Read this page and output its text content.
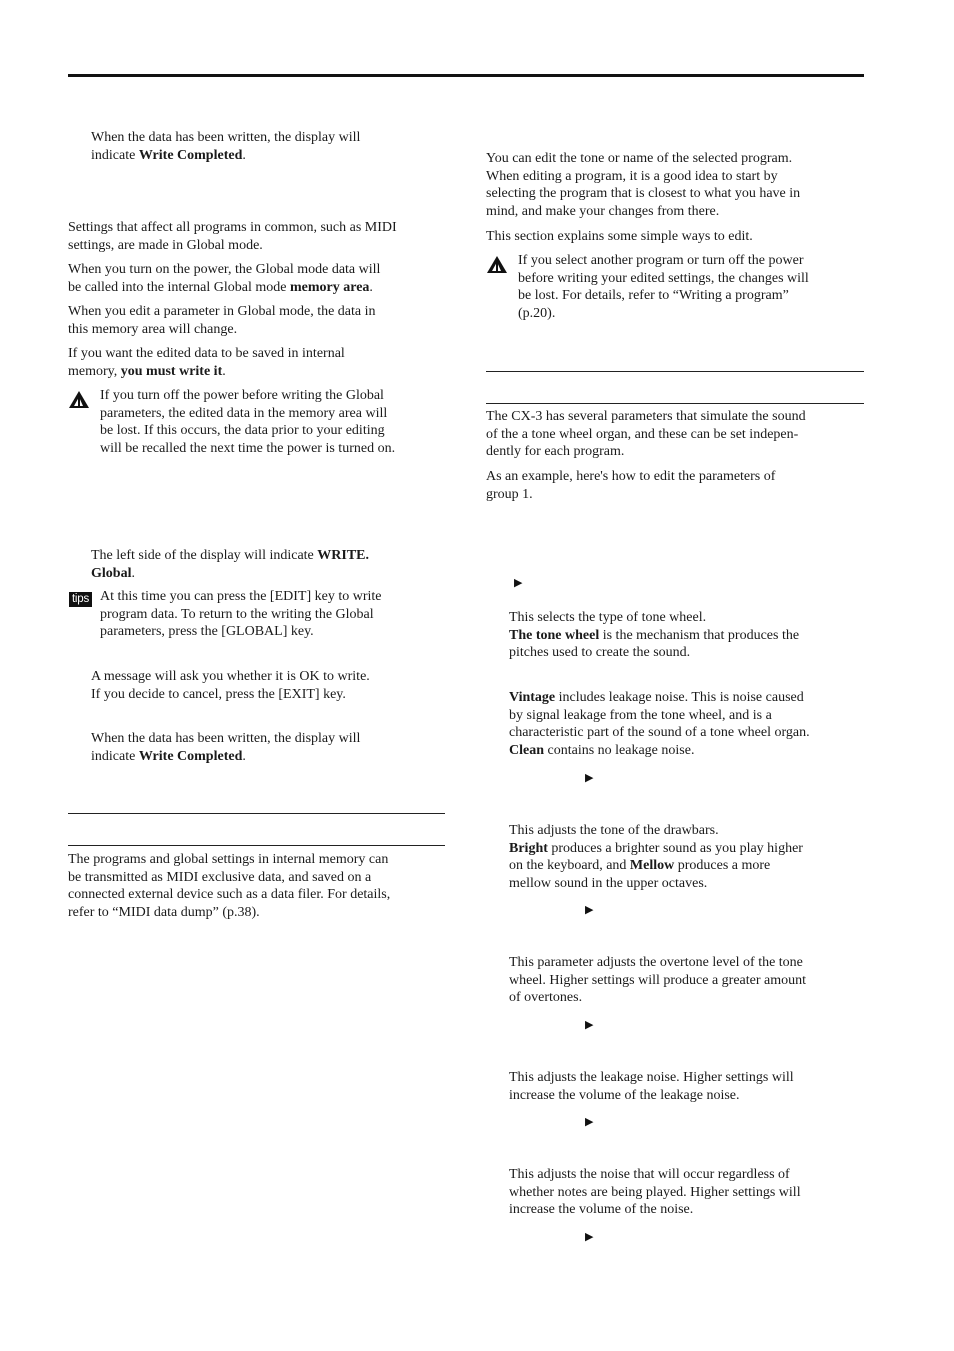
When the data has been written, the display will
indicate Write Completed.

Settings that affect all programs in common, such as MIDI
settings, are made in Global mode.

When you turn on the power, the Global mode data will
be called into the internal Global mode memory area.

When you edit a parameter in Global mode, the data in
this memory area will change.

If you want the edited data to be saved in internal
memory, you must write it.

If you turn off the power before writing the Global
parameters, the edited data in the memory area will
be lost. If this occurs, the data prior to your editing
will be recalled the next time the power is turned on.

The left side of the display will indicate WRITE.
Global.

tips At this time you can press the [EDIT] key to write
program data. To return to the writing the Global
parameters, press the [GLOBAL] key.

A message will ask you whether it is OK to write.
If you decide to cancel, press the [EXIT] key.

When the data has been written, the display will
indicate Write Completed.

The programs and global settings in internal memory can
be transmitted as MIDI exclusive data, and saved on a
connected external device such as a data filer. For details,
refer to “MIDI data dump” (p.38).

You can edit the tone or name of the selected program.
When editing a program, it is a good idea to start by
selecting the program that is closest to what you have in
mind, and make your changes from there.

This section explains some simple ways to edit.

If you select another program or turn off the power
before writing your edited settings, the changes will
be lost. For details, refer to “Writing a program”
(p.20).

The CX-3 has several parameters that simulate the sound
of the a tone wheel organ, and these can be set indepen-
dently for each program.

As an example, here's how to edit the parameters of
group 1.

▶

This selects the type of tone wheel.
The tone wheel is the mechanism that produces the
pitches used to create the sound.

Vintage includes leakage noise. This is noise caused
by signal leakage from the tone wheel, and is a
characteristic part of the sound of a tone wheel organ.
Clean contains no leakage noise.

▶

This adjusts the tone of the drawbars.
Bright produces a brighter sound as you play higher
on the keyboard, and Mellow produces a more
mellow sound in the upper octaves.

▶

This parameter adjusts the overtone level of the tone
wheel. Higher settings will produce a greater amount
of overtones.

▶

This adjusts the leakage noise. Higher settings will
increase the volume of the leakage noise.

▶

This adjusts the noise that will occur regardless of
whether notes are being played. Higher settings will
increase the volume of the noise.

▶
